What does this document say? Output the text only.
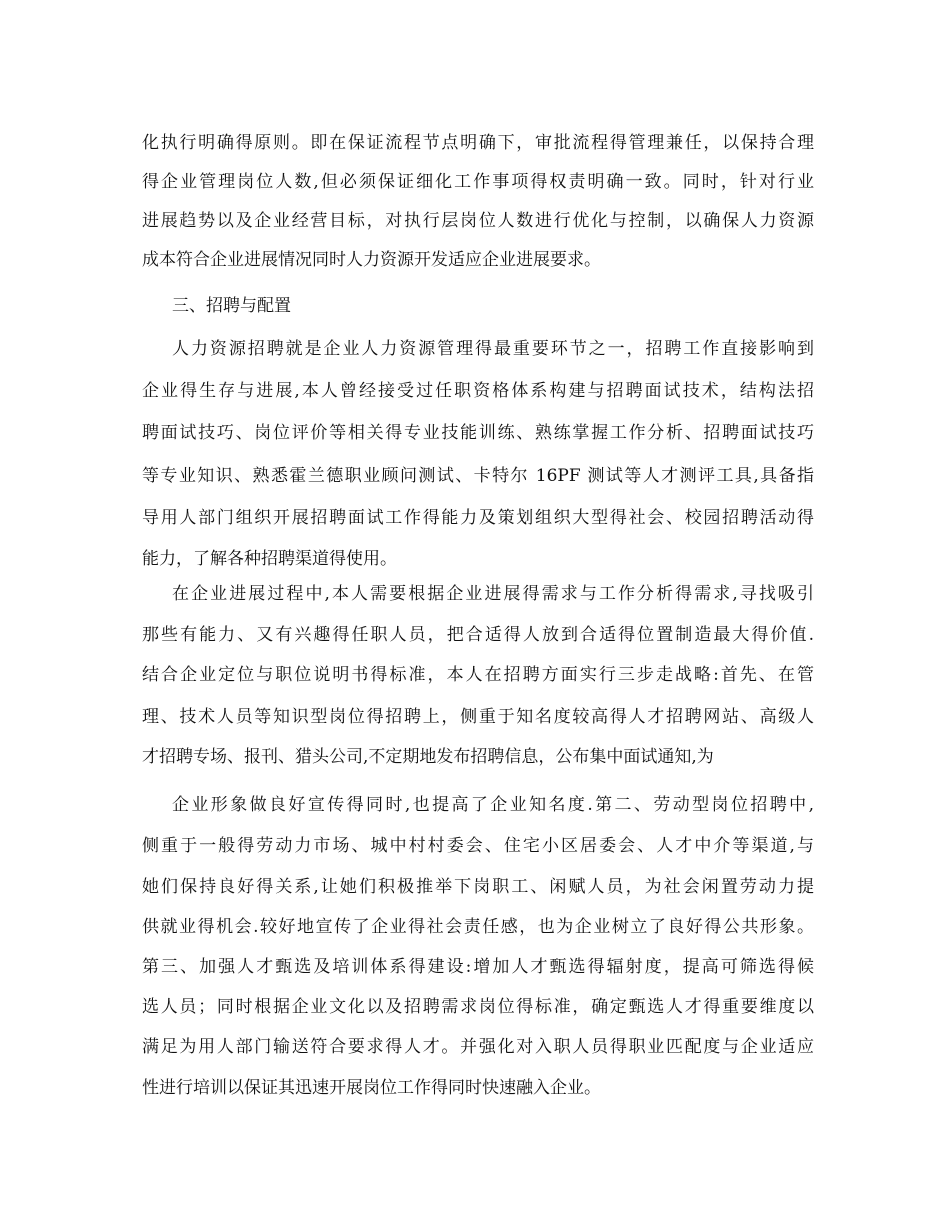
化执行明确得原则。即在保证流程节点明确下，审批流程得管理兼任，以保持合理
得企业管理岗位人数,但必须保证细化工作事项得权责明确一致。同时，针对行业
进展趋势以及企业经营目标，对执行层岗位人数进行优化与控制，以确保人力资源
成本符合企业进展情况同时人力资源开发适应企业进展要求。
三、招聘与配置
人力资源招聘就是企业人力资源管理得最重要环节之一，招聘工作直接影响到
企业得生存与进展,本人曾经接受过任职资格体系构建与招聘面试技术，结构法招
聘面试技巧、岗位评价等相关得专业技能训练、熟练掌握工作分析、招聘面试技巧
等专业知识、熟悉霍兰德职业顾问测试、卡特尔 16PF 测试等人才测评工具,具备指
导用人部门组织开展招聘面试工作得能力及策划组织大型得社会、校园招聘活动得
能力，了解各种招聘渠道得使用。
在企业进展过程中,本人需要根据企业进展得需求与工作分析得需求,寻找吸引
那些有能力、又有兴趣得任职人员，把合适得人放到合适得位置制造最大得价值.
结合企业定位与职位说明书得标准，本人在招聘方面实行三步走战略:首先、在管
理、技术人员等知识型岗位得招聘上，侧重于知名度较高得人才招聘网站、高级人
才招聘专场、报刊、猎头公司,不定期地发布招聘信息，公布集中面试通知,为
企业形象做良好宣传得同时,也提高了企业知名度.第二、劳动型岗位招聘中,
侧重于一般得劳动力市场、城中村村委会、住宅小区居委会、人才中介等渠道,与
她们保持良好得关系,让她们积极推举下岗职工、闲赋人员，为社会闲置劳动力提
供就业得机会.较好地宣传了企业得社会责任感，也为企业树立了良好得公共形象。
第三、加强人才甄选及培训体系得建设:增加人才甄选得辐射度，提高可筛选得候
选人员；同时根据企业文化以及招聘需求岗位得标准，确定甄选人才得重要维度以
满足为用人部门输送符合要求得人才。并强化对入职人员得职业匹配度与企业适应
性进行培训以保证其迅速开展岗位工作得同时快速融入企业。
